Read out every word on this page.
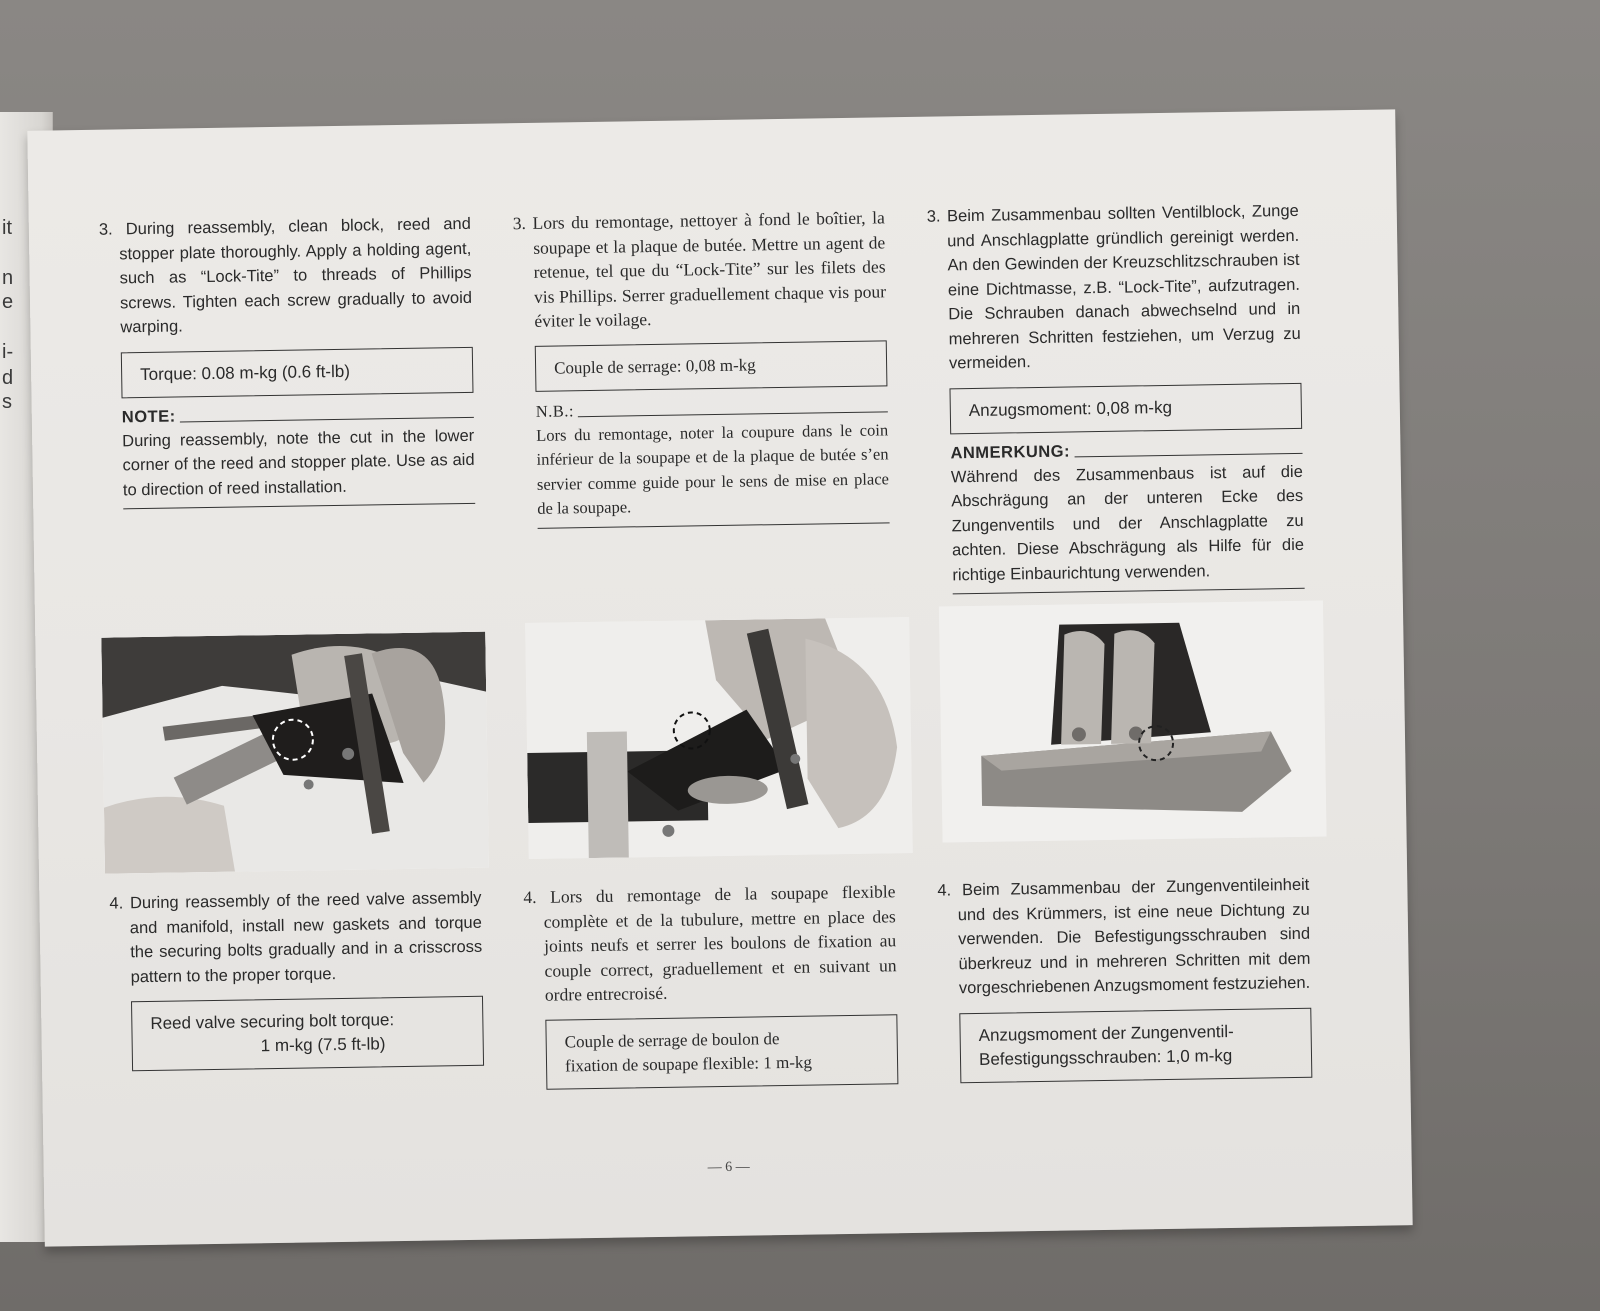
it
n
e
i-
d
s

3. During reassembly, clean block, reed and stopper plate thoroughly. Apply a holding agent, such as “Lock-Tite” to threads of Phillips screws. Tighten each screw gradually to avoid warping.

Torque: 0.08 m-kg (0.6 ft-lb)
NOTE:
During reassembly, note the cut in the lower corner of the reed and stopper plate. Use as aid to direction of reed installation.

3. Lors du remontage, nettoyer à fond le boîtier, la soupape et la plaque de butée. Mettre un agent de retenue, tel que du “Lock-Tite” sur les filets des vis Phillips. Serrer graduellement chaque vis pour éviter le voilage.

Couple de serrage: 0,08 m-kg
N.B.:
Lors du remontage, noter la coupure dans le coin inférieur de la soupape et de la plaque de butée s’en servier comme guide pour le sens de mise en place de la soupape.

3. Beim Zusammenbau sollten Ventilblock, Zunge und Anschlagplatte gründlich gereinigt werden. An den Gewinden der Kreuzschlitzschrauben ist eine Dichtmasse, z.B. “Lock-Tite”, aufzutragen. Die Schrauben danach abwechselnd und in mehreren Schritten festziehen, um Verzug zu vermeiden.

Anzugsmoment: 0,08 m-kg
ANMERKUNG:
Während des Zusammenbaus ist auf die Abschrägung an der unteren Ecke des Zungenventils und der Anschlagplatte zu achten. Diese Abschrägung als Hilfe für die richtige Einbaurichtung verwenden.

4. During reassembly of the reed valve assembly and manifold, install new gaskets and torque the securing bolts gradually and in a crisscross pattern to the proper torque.

Reed valve securing bolt torque:
1 m-kg (7.5 ft-lb)

4. Lors du remontage de la soupape flexible complète et de la tubulure, mettre en place des joints neufs et serrer les boulons de fixation au couple correct, graduellement et en suivant un ordre entrecroisé.

Couple de serrage de boulon de
fixation de soupape flexible: 1 m-kg

4. Beim Zusammenbau der Zungenventileinheit und des Krümmers, ist eine neue Dichtung zu verwenden. Die Befestigungsschrauben sind überkreuz und in mehreren Schritten mit dem vorgeschriebenen Anzugsmoment festzuziehen.

Anzugsmoment der Zungenventil-
Befestigungsschrauben: 1,0 m-kg
— 6 —
